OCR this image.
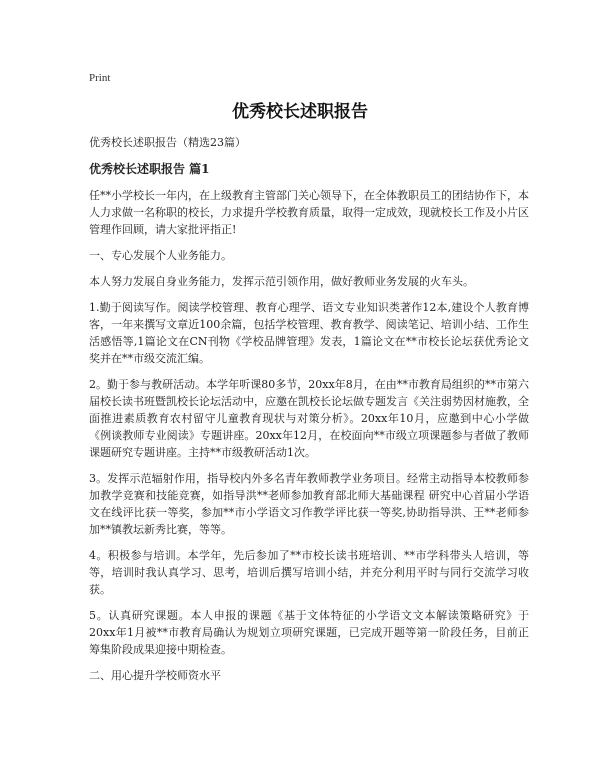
Print
优秀校长述职报告

优秀校长述职报告（精选23篇）

优秀校长述职报告 篇1

任**小学校长一年内，在上级教育主管部门关心领导下，在全体教职员工的团结协作下，本人力求做一名称职的校长，力求提升学校教育质量，取得一定成效，现就校长工作及小片区管理作回顾，请大家批评指正!

一、专心发展个人业务能力。

本人努力发展自身业务能力，发挥示范引领作用，做好教师业务发展的火车头。

1.勤于阅读写作。阅读学校管理、教育心理学、语文专业知识类著作12本,建设个人教育博客，一年来撰写文章近100余篇，包括学校管理、教育教学、阅读笔记、培训小结、工作生活感悟等,1篇论文在CN刊物《学校品牌管理》发表，1篇论文在**市校长论坛获优秀论文奖并在**市级交流汇编。

2。勤于参与教研活动。本学年听课80多节，20xx年8月，在由**市教育局组织的**市第六届校长读书班暨凯校长论坛活动中，应邀在凯校长论坛做专题发言《关注弱势因材施教，全面推进素质教育农村留守儿童教育现状与对策分析》。20xx年10月，应邀到中心小学做《例谈教师专业阅读》专题讲座。20xx年12月，在校面向**市级立项课题参与者做了教师课题研究专题讲座。主持**市级教研活动1次。

3。发挥示范辐射作用，指导校内外多名青年教师教学业务项目。经常主动指导本校教师参加教学竞赛和技能竞赛，如指导洪**老师参加教育部北师大基础课程 研究中心首届小学语文在线评比获一等奖，参加**市小学语文习作教学评比获一等奖,协助指导洪、王**老师参加**镇教坛新秀比赛，等等。

4。积极参与培训。本学年，先后参加了**市校长读书班培训、**市学科带头人培训，等等，培训时我认真学习、思考，培训后撰写培训小结，并充分利用平时与同行交流学习收获。

5。认真研究课题。本人申报的课题《基于文体特征的小学语文文本解读策略研究》于20xx年1月被**市教育局确认为规划立项研究课题，已完成开题等第一阶段任务，目前正筹集阶段成果迎接中期检查。

二、用心提升学校师资水平
